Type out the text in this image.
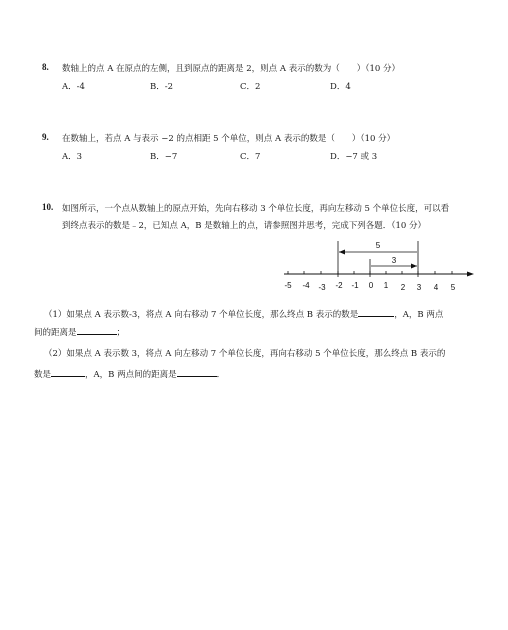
8. 数轴上的点 A 在原点的左侧，且到原点的距离是 2，则点 A 表示的数为（　　）（10 分）
A．-4	B．-2	C．2	D．4
9. 在数轴上，若点 A 与表示 −2 的点相距 5 个单位，则点 A 表示的数是（　　）（10 分）
A．3	B．−7	C．7	D．−7 或 3
10. 如图所示，一个点从数轴上的原点开始，先向右移动 3 个单位长度，再向左移动 5 个单位长度，可以看
到终点表示的数是﹣2，已知点 A，B 是数轴上的点，请参照图并思考，完成下列各题．（10 分）
5
3
-5 -4 -3 -2 -1 0 1 2 3 4 5
（1）如果点 A 表示数-3，将点 A 向右移动 7 个单位长度，那么终点 B 表示的数是	，A，B 两点
间的距离是	；
（2）如果点 A 表示数 3，将点 A 向左移动 7 个单位长度，再向右移动 5 个单位长度，那么终点 B 表示的
数是	，A，B 两点间的距离是	．
